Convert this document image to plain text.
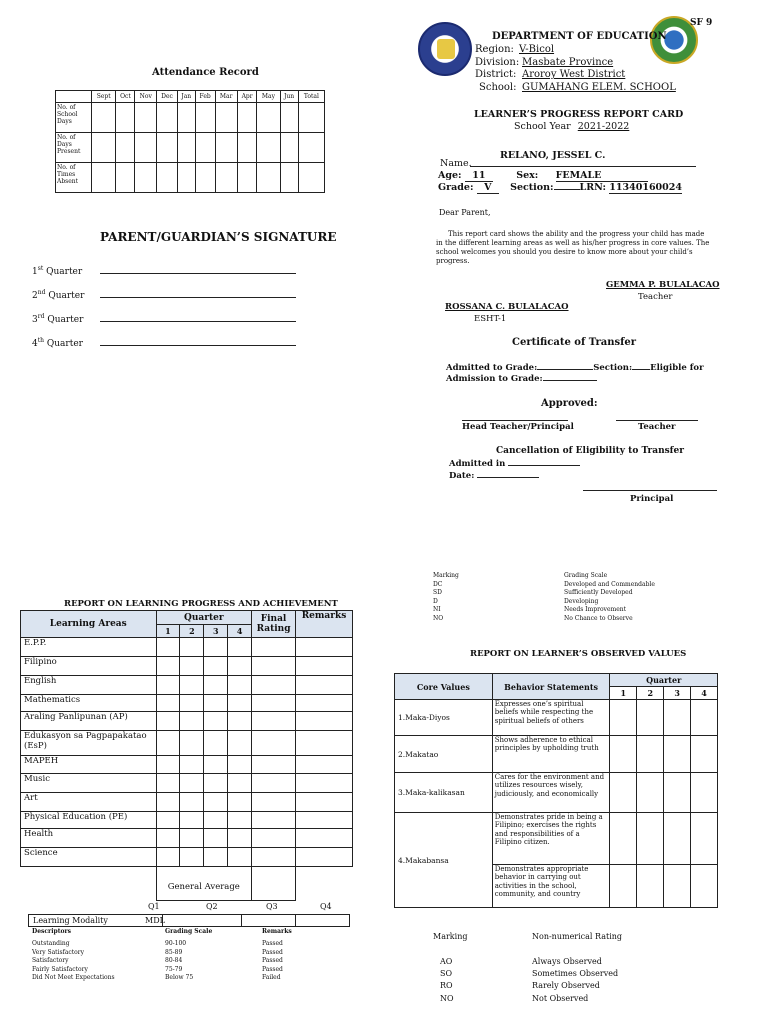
Attendance Record
	Sept	Oct	Nov	Dec	Jan	Feb	Mar	Apr	May	Jun	Total
No. of School Days											
No. of Days Present											
No. of Times Absent											
PARENT/GUARDIAN’S SIGNATURE
1st Quarter
2nd Quarter
3rd Quarter
4th Quarter
SF 9
DEPARTMENT OF EDUCATION
Region: V-Bicol
Division: Masbate Province
District: Aroroy West District
School: GUMAHANG ELEM. SCHOOL
LEARNER’S PROGRESS REPORT CARD
School Year 2021-2022
RELANO, JESSEL C.
Name.
Age: 11	Sex: FEMALE
Grade: V Section:	LRN: 11340160024
Dear Parent,
This report card shows the ability and the progress your child has made in the different learning areas as well as his/her progress in core values. The school welcomes you should you desire to know more about your child’s progress.
GEMMA P. BULALACAO
Teacher
ROSSANA C. BULALACAO
ESHT-1
Certificate of Transfer
Admitted to Grade:	Section: Eligible for
Admission to Grade:
Approved:
Head Teacher/Principal	Teacher
Cancellation of Eligibility to Transfer
Admitted in
Date:
Principal
Marking	Grading Scale
DC	Developed and Commendable
SD	Sufficiently Developed
D	Developing
NI	Needs Improvement
NO	No Chance to Observe
REPORT ON LEARNING PROGRESS AND ACHIEVEMENT
Learning Areas	Quarter				Final Rating	Remarks
	1	2	3	4		
E.P.P.						
Filipino						
English						
Mathematics						
Araling Panlipunan (AP)						
Edukasyon sa Pagpapakatao (EsP)						
MAPEH						
Music						
Art						
Physical Education (PE)						
Health						
Science						
	General Average					
Q1	Q2	Q3	Q4
Learning Modality	MDL
Descriptors	Grading Scale	Remarks
Outstanding	90-100	Passed
Very Satisfactory	85-89	Passed
Satisfactory	80-84	Passed
Fairly Satisfactory	75-79	Passed
Did Not Meet Expectations	Below 75	Failed
REPORT ON LEARNER’S OBSERVED VALUES
Core Values	Behavior Statements	Quarter			
		1	2	3	4
1.Maka-Diyos	Expresses one’s spiritual beliefs while respecting the spiritual beliefs of others				
2.Makatao	Shows adherence to ethical principles by upholding truth				
3.Maka-kalikasan	Cares for the environment and utilizes resources wisely, judiciously, and economically				
4.Makabansa	Demonstrates pride in being a Filipino; exercises the rights and responsibilities of a Filipino citizen.				
	Demonstrates appropriate behavior in carrying out activities in the school, community, and country				
Marking	Non-numerical Rating
AO	Always Observed
SO	Sometimes Observed
RO	Rarely Observed
NO	Not Observed
